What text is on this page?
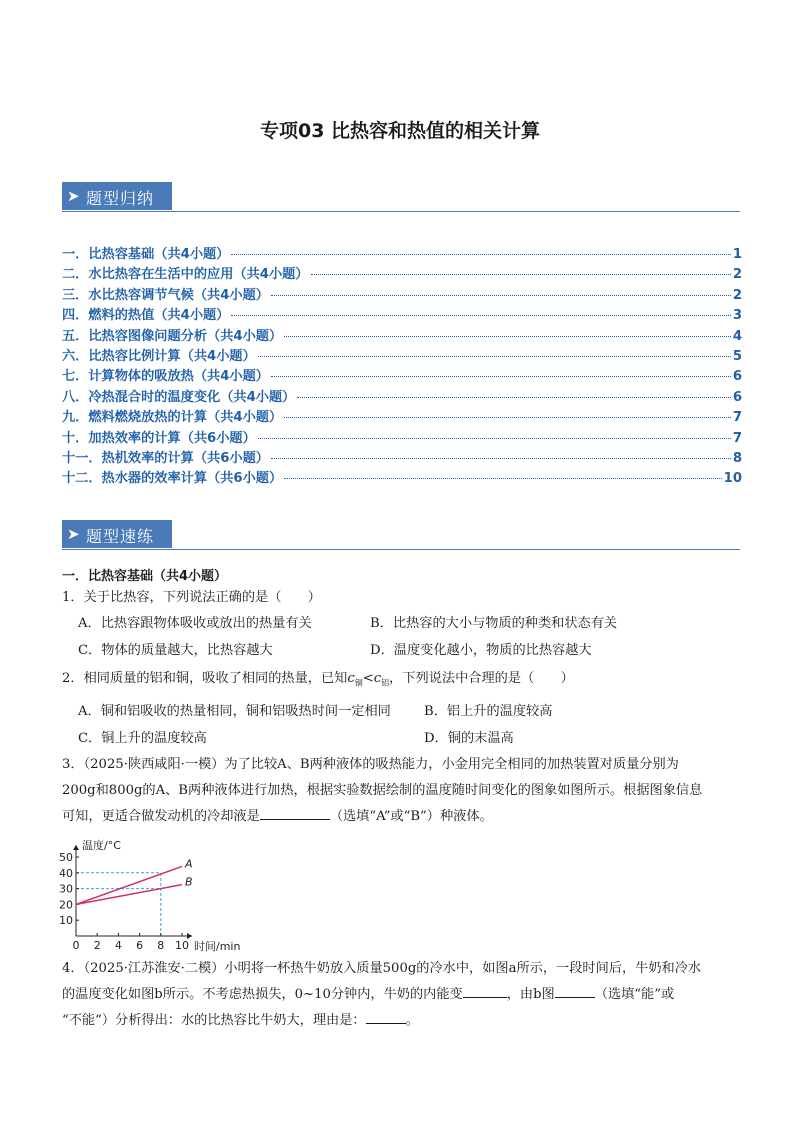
专项03 比热容和热值的相关计算
➤ 题型归纳
一．比热容基础（共4小题）	1
二．水比热容在生活中的应用（共4小题）	2
三．水比热容调节气候（共4小题）	2
四．燃料的热值（共4小题）	3
五．比热容图像问题分析（共4小题）	4
六．比热容比例计算（共4小题）	5
七．计算物体的吸放热（共4小题）	6
八．冷热混合时的温度变化（共4小题）	6
九．燃料燃烧放热的计算（共4小题）	7
十．加热效率的计算（共6小题）	7
十一．热机效率的计算（共6小题）	8
十二．热水器的效率计算（共6小题）	10
➤ 题型速练
一．比热容基础（共4小题）
1．关于比热容，下列说法正确的是（　　）
A．比热容跟物体吸收或放出的热量有关	B．比热容的大小与物质的种类和状态有关
C．物体的质量越大，比热容越大	D．温度变化越小，物质的比热容越大
2．相同质量的铝和铜，吸收了相同的热量，已知$c_铜<c_铝$，下列说法中合理的是（　　）
A．铜和铝吸收的热量相同，铜和铝吸热时间一定相同	B．铝上升的温度较高
C．铜上升的温度较高	D．铜的末温高
3．（2025·陕西咸阳·一模）为了比较A、B两种液体的吸热能力，小金用完全相同的加热装置对质量分别为
200g和800g的A、B两种液体进行加热，根据实验数据绘制的温度随时间变化的图象如图所示。根据图象信息
可知，更适合做发动机的冷却液是	（选填“A”或“B”）种液体。
0 2 4 6 8 10
10
20
30
40
50
时间/min
温度/°C
A
B
4．（2025·江苏淮安·二模）小明将一杯热牛奶放入质量500g的冷水中，如图a所示，一段时间后，牛奶和冷水
的温度变化如图b所示。不考虑热损失，0~10分钟内，牛奶的内能变	，由b图	（选填“能”或
“不能”）分析得出：水的比热容比牛奶大，理由是：	。
